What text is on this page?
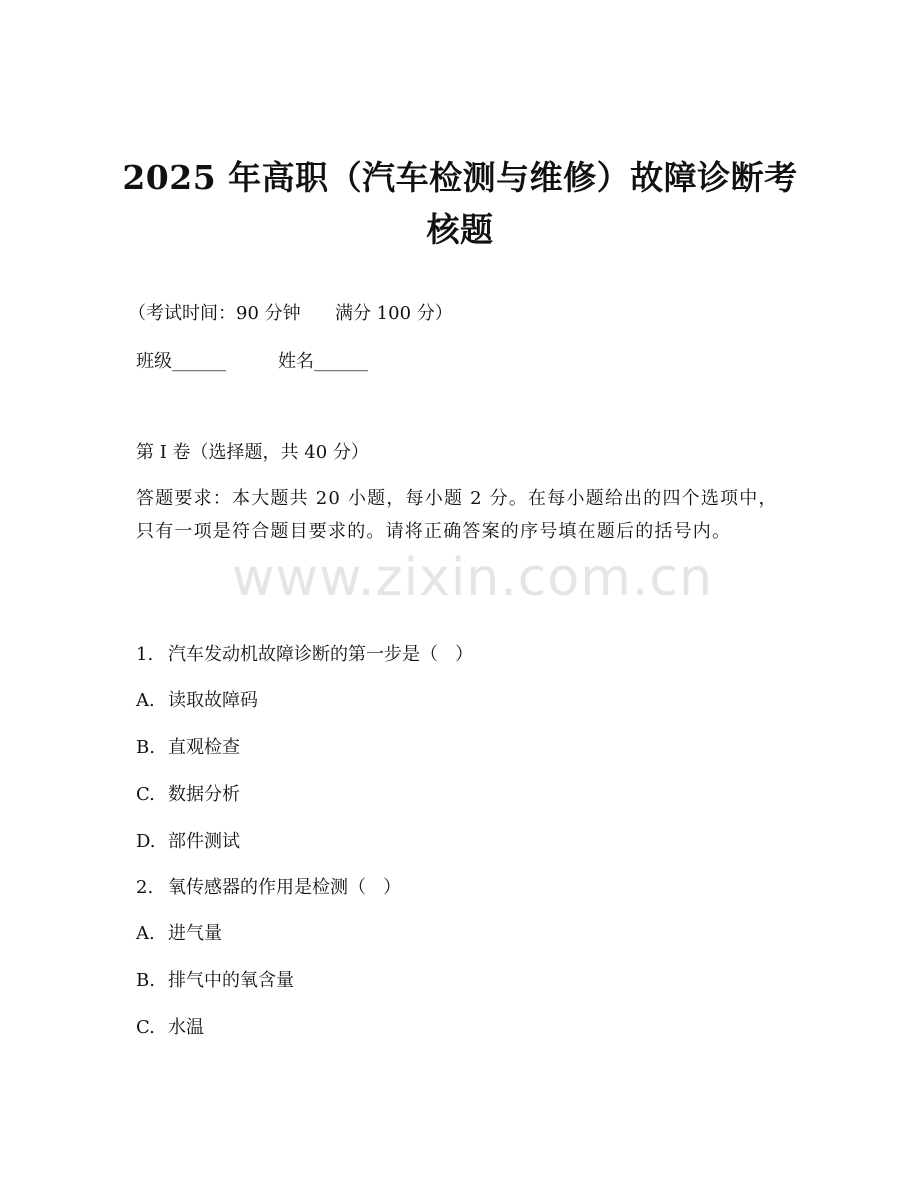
2025 年高职（汽车检测与维修）故障诊断考
核题
（考试时间：90 分钟      满分 100 分）
班级______	姓名______
第 I 卷（选择题，共 40 分）
答题要求：本大题共 20 小题，每小题 2 分。在每小题给出的四个选项中，只有一项是符合题目要求的。请将正确答案的序号填在题后的括号内。
www.zixin.com.cn
1. 汽车发动机故障诊断的第一步是（   ）
A. 读取故障码
B. 直观检查
C. 数据分析
D. 部件测试
2. 氧传感器的作用是检测（   ）
A. 进气量
B. 排气中的氧含量
C. 水温
